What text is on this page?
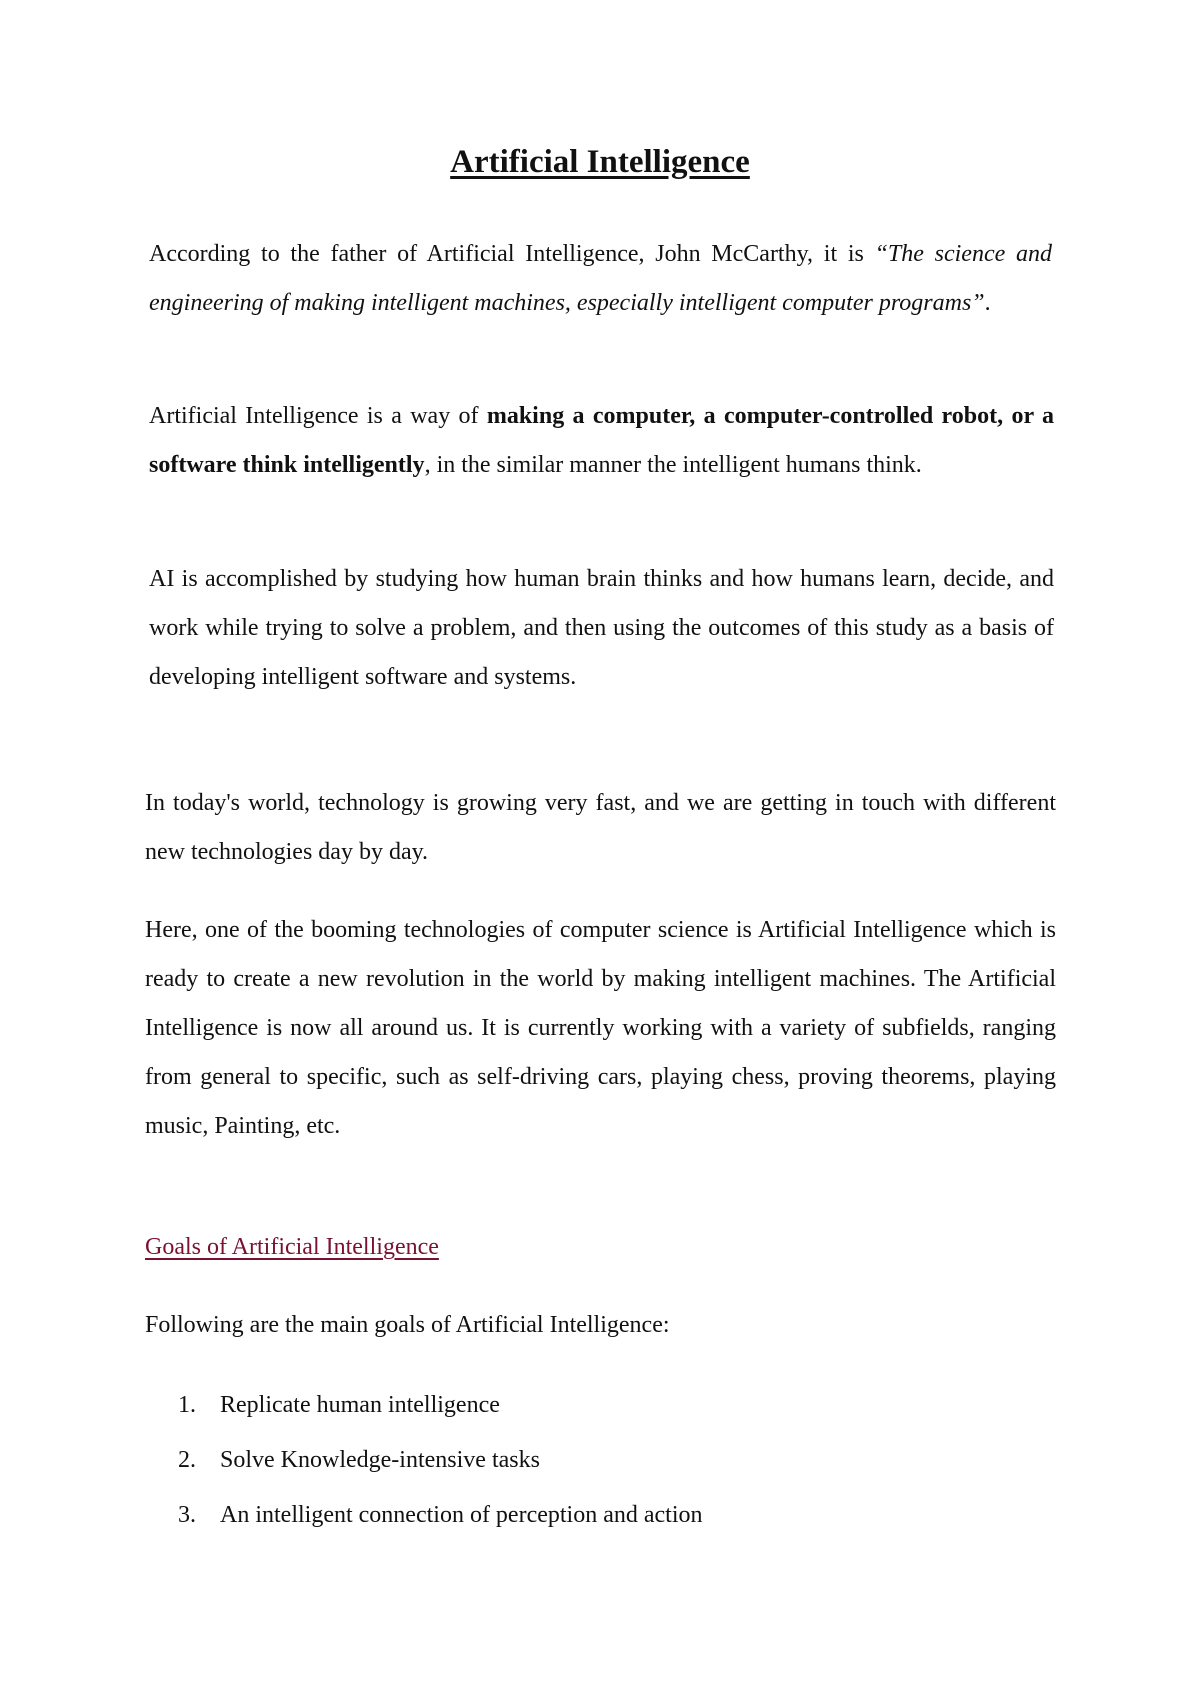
Artificial Intelligence

According to the father of Artificial Intelligence, John McCarthy, it is “The science and engineering of making intelligent machines, especially intelligent computer programs”.

Artificial Intelligence is a way of making a computer, a computer-controlled robot, or a software think intelligently, in the similar manner the intelligent humans think.

AI is accomplished by studying how human brain thinks and how humans learn, decide, and work while trying to solve a problem, and then using the outcomes of this study as a basis of developing intelligent software and systems.

In today's world, technology is growing very fast, and we are getting in touch with different new technologies day by day.

Here, one of the booming technologies of computer science is Artificial Intelligence which is ready to create a new revolution in the world by making intelligent machines. The Artificial Intelligence is now all around us. It is currently working with a variety of subfields, ranging from general to specific, such as self-driving cars, playing chess, proving theorems, playing music, Painting, etc.

Goals of Artificial Intelligence

Following are the main goals of Artificial Intelligence:

1.	Replicate human intelligence
2.	Solve Knowledge-intensive tasks
3.	An intelligent connection of perception and action
